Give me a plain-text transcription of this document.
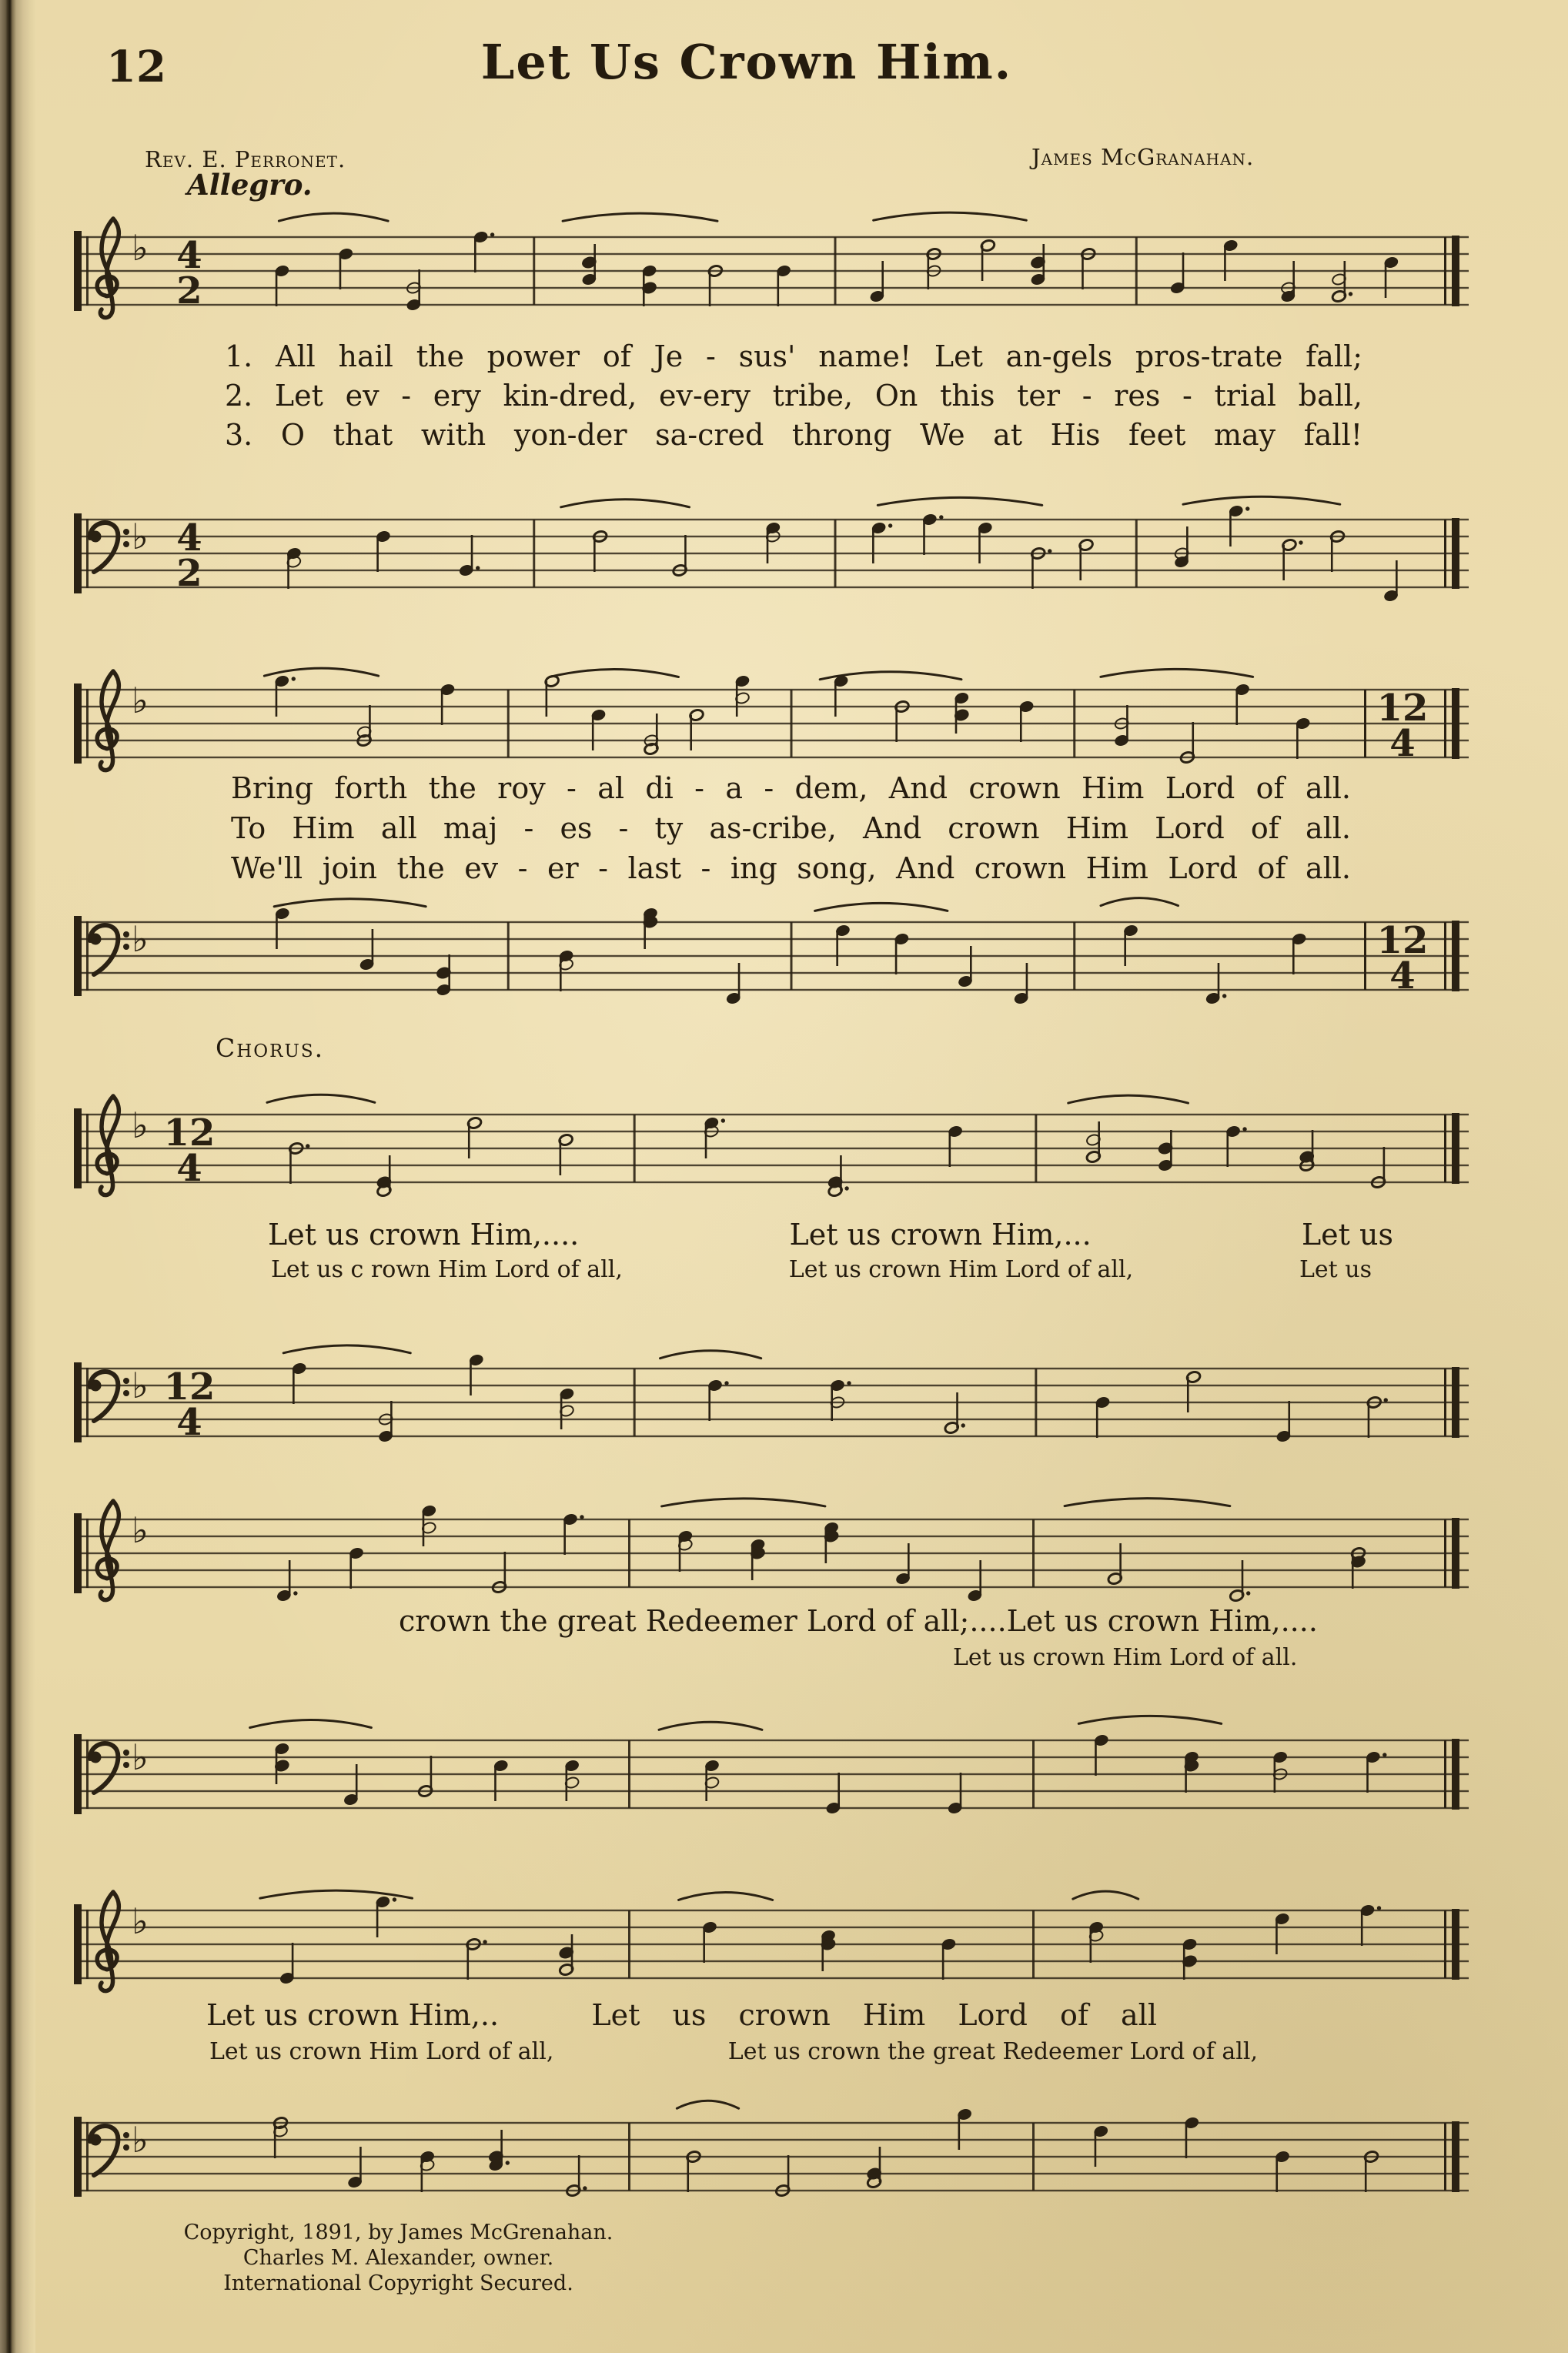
12	Let Us Crown Him.
Rev. E. Perronet.	James McGranahan.
Allegro.
♭ 4
2
♭ 4
2
♭	12
4
♭	12
4
♭ 12
4
♭ 12
4
♭
♭
♭
♭
1. All hail the power of Je - sus' name! Let an-gels pros-trate fall;
2. Let ev - ery kin-dred, ev-ery tribe, On this ter - res - trial ball,
3. O that with yon-der sa-cred throng We at His feet may fall!
Bring forth the roy - al di - a - dem, And crown Him Lord of all.
To Him all maj - es - ty as-cribe, And crown Him Lord of all.
We'll join the ev - er - last - ing song, And crown Him Lord of all.
Chorus.
Let us crown Him,....	Let us crown Him,...	Let us
Let us c rown Him Lord of all,	Let us crown Him Lord of all,	Let us
crown the great Redeemer Lord of all;.... Let us crown Him,....
Let us crown Him Lord of all.
Let us crown Him,..	Let us crown Him Lord of all
Let us crown Him Lord of all,	Let us crown the great Redeemer Lord of all,
Copyright, 1891, by James McGrenahan.
Charles M. Alexander, owner.
International Copyright Secured.
